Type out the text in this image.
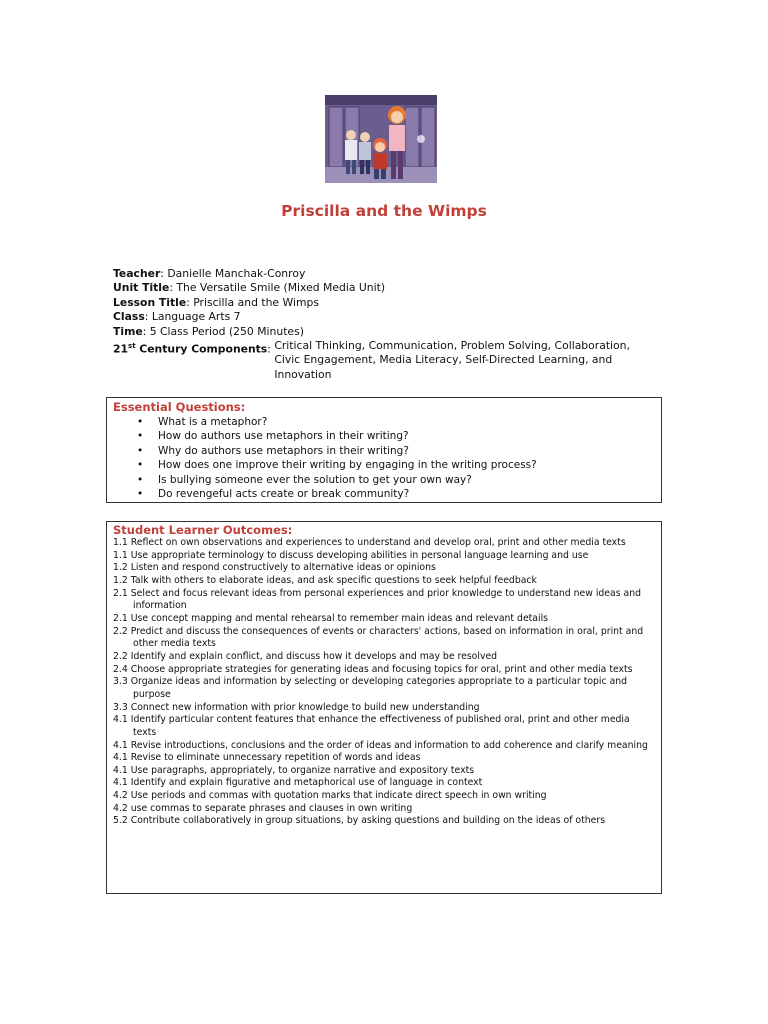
Priscilla and the Wimps
Teacher: Danielle Manchak-Conroy
Unit Title: The Versatile Smile (Mixed Media Unit)
Lesson Title: Priscilla and the Wimps
Class: Language Arts 7
Time: 5 Class Period (250 Minutes)
21st Century Components: Critical Thinking, Communication, Problem Solving, Collaboration, Civic Engagement, Media Literacy, Self-Directed Learning, and Innovation
Essential Questions:
• What is a metaphor?
• How do authors use metaphors in their writing?
• Why do authors use metaphors in their writing?
• How does one improve their writing by engaging in the writing process?
• Is bullying someone ever the solution to get your own way?
• Do revengeful acts create or break community?
Student Learner Outcomes:
1.1 Reflect on own observations and experiences to understand and develop oral, print and other media texts
1.1 Use appropriate terminology to discuss developing abilities in personal language learning and use
1.2 Listen and respond constructively to alternative ideas or opinions
1.2 Talk with others to elaborate ideas, and ask specific questions to seek helpful feedback
2.1 Select and focus relevant ideas from personal experiences and prior knowledge to understand new ideas and information
2.1 Use concept mapping and mental rehearsal to remember main ideas and relevant details
2.2 Predict and discuss the consequences of events or characters' actions, based on information in oral, print and other media texts
2.2 Identify and explain conflict, and discuss how it develops and may be resolved
2.4 Choose appropriate strategies for generating ideas and focusing topics for oral, print and other media texts
3.3 Organize ideas and information by selecting or developing categories appropriate to a particular topic and purpose
3.3 Connect new information with prior knowledge to build new understanding
4.1 Identify particular content features that enhance the effectiveness of published oral, print and other media texts
4.1 Revise introductions, conclusions and the order of ideas and information to add coherence and clarify meaning
4.1 Revise to eliminate unnecessary repetition of words and ideas
4.1 Use paragraphs, appropriately, to organize narrative and expository texts
4.1 Identify and explain figurative and metaphorical use of language in context
4.2 Use periods and commas with quotation marks that indicate direct speech in own writing
4.2 use commas to separate phrases and clauses in own writing
5.2 Contribute collaboratively in group situations, by asking questions and building on the ideas of others
